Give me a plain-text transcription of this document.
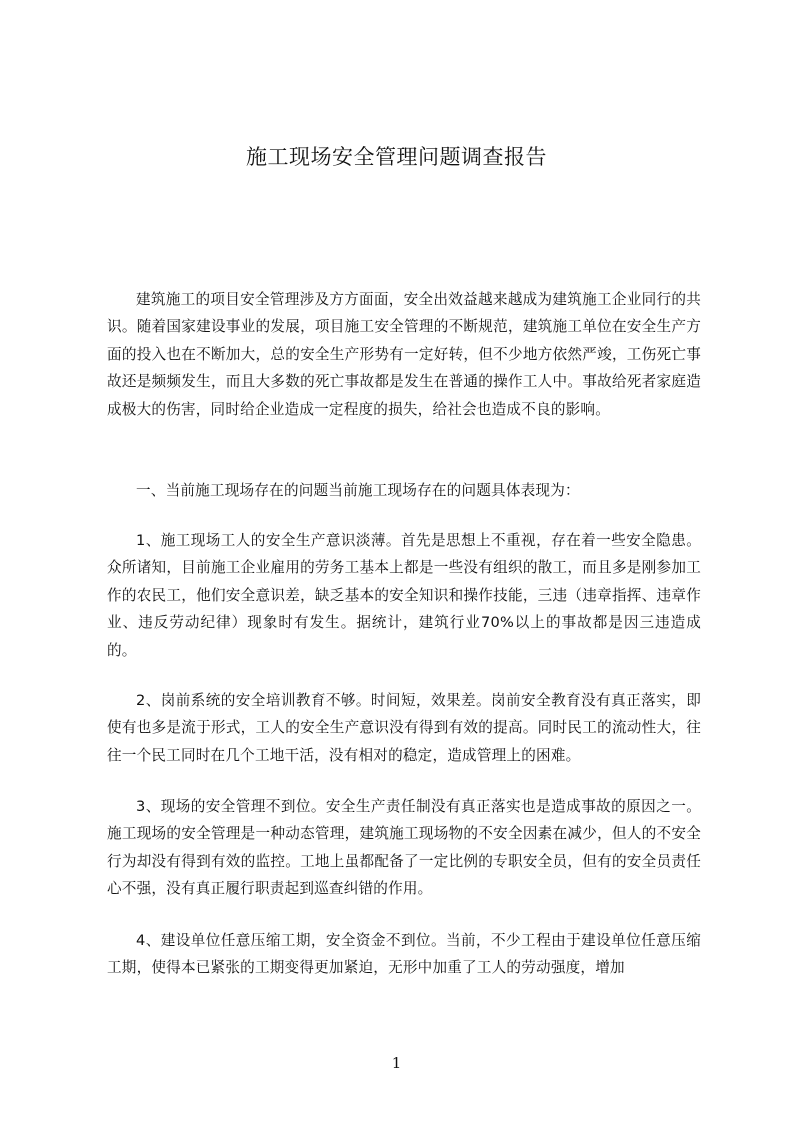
施工现场安全管理问题调查报告

建筑施工的项目安全管理涉及方方面面，安全出效益越来越成为建筑施工企业同行的共识。随着国家建设事业的发展，项目施工安全管理的不断规范，建筑施工单位在安全生产方面的投入也在不断加大，总的安全生产形势有一定好转，但不少地方依然严竣，工伤死亡事故还是频频发生，而且大多数的死亡事故都是发生在普通的操作工人中。事故给死者家庭造成极大的伤害，同时给企业造成一定程度的损失，给社会也造成不良的影响。

一、当前施工现场存在的问题当前施工现场存在的问题具体表现为：

1、施工现场工人的安全生产意识淡薄。首先是思想上不重视，存在着一些安全隐患。众所诸知，目前施工企业雇用的劳务工基本上都是一些没有组织的散工，而且多是刚参加工作的农民工，他们安全意识差，缺乏基本的安全知识和操作技能，三违（违章指挥、违章作业、违反劳动纪律）现象时有发生。据统计，建筑行业70%以上的事故都是因三违造成的。

2、岗前系统的安全培训教育不够。时间短，效果差。岗前安全教育没有真正落实，即使有也多是流于形式，工人的安全生产意识没有得到有效的提高。同时民工的流动性大，往往一个民工同时在几个工地干活，没有相对的稳定，造成管理上的困难。

3、现场的安全管理不到位。安全生产责任制没有真正落实也是造成事故的原因之一。施工现场的安全管理是一种动态管理，建筑施工现场物的不安全因素在减少，但人的不安全行为却没有得到有效的监控。工地上虽都配备了一定比例的专职安全员，但有的安全员责任心不强，没有真正履行职责起到巡查纠错的作用。

4、建设单位任意压缩工期，安全资金不到位。当前，不少工程由于建设单位任意压缩工期，使得本已紧张的工期变得更加紧迫，无形中加重了工人的劳动强度，增加

1
